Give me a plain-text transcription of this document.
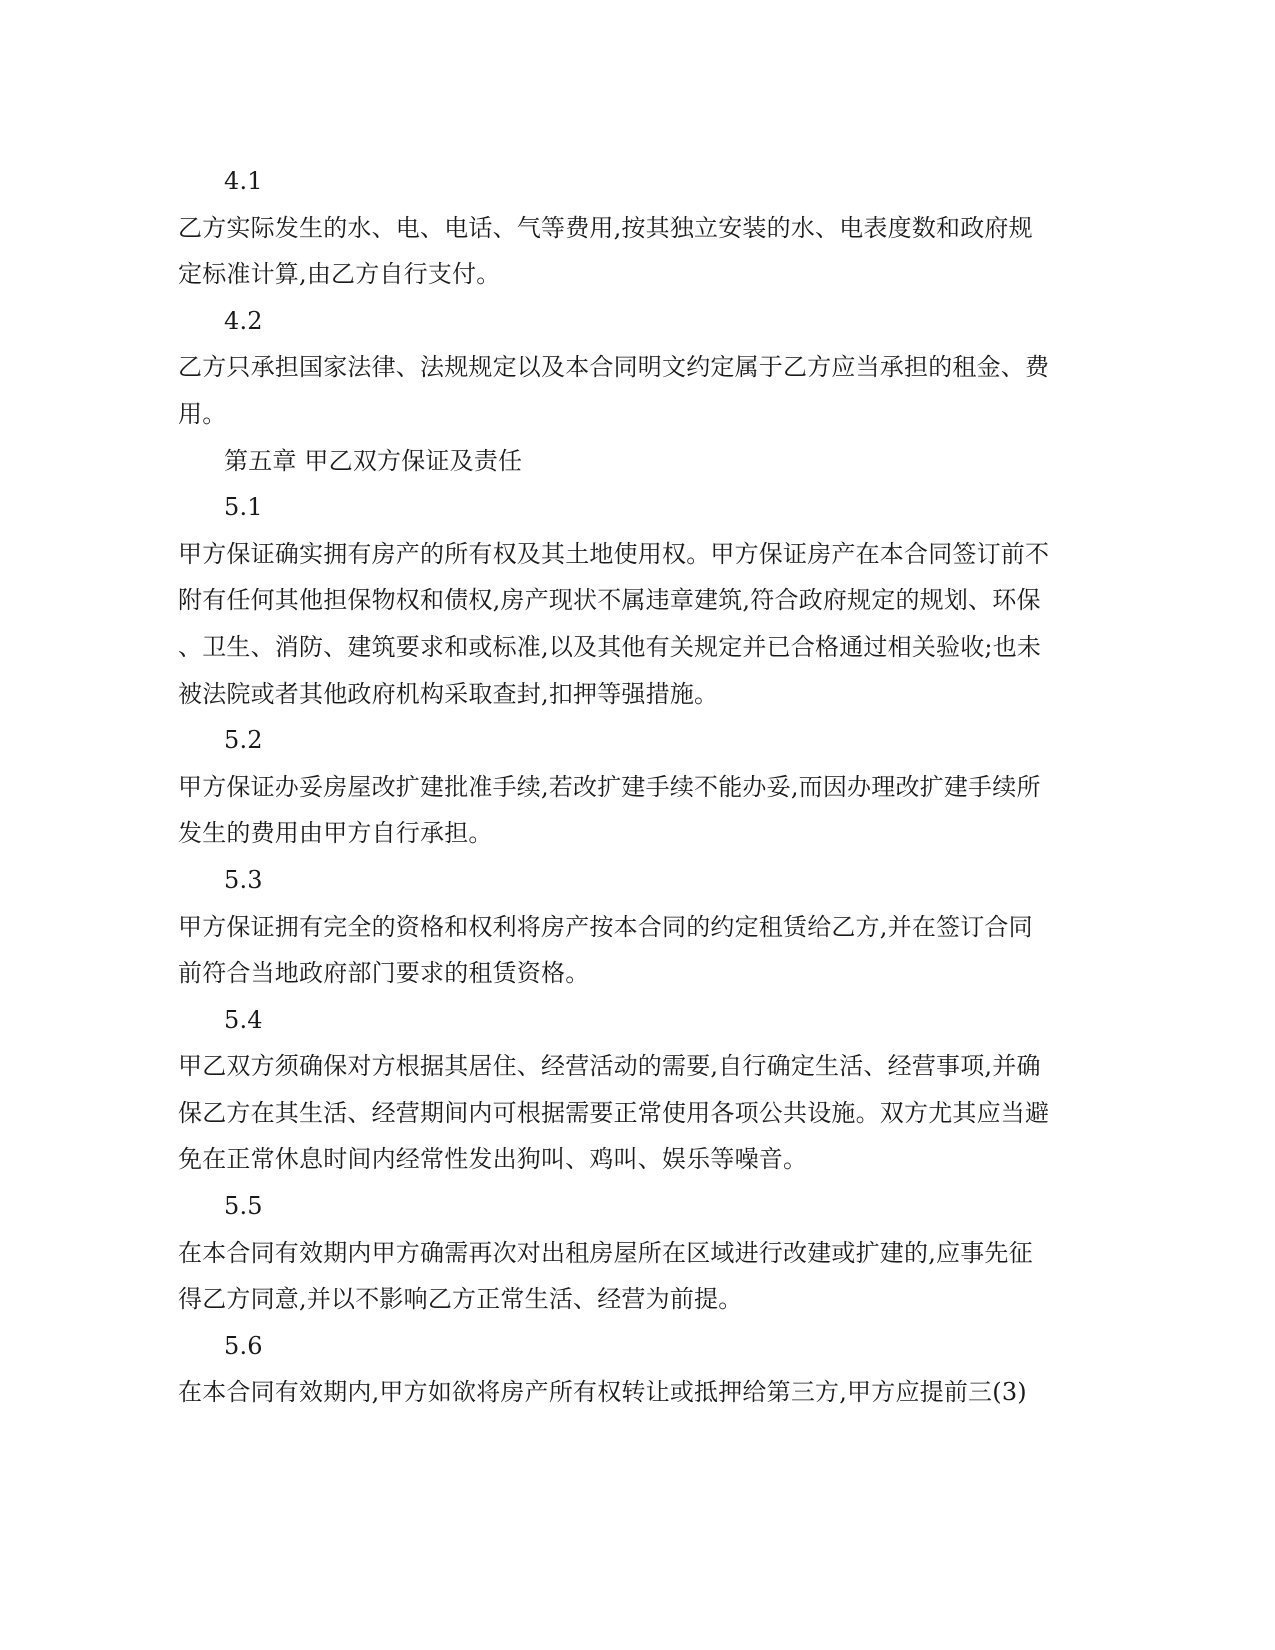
4.1
乙方实际发生的水、电、电话、气等费用,按其独立安装的水、电表度数和政府规
定标准计算,由乙方自行支付。
4.2
乙方只承担国家法律、法规规定以及本合同明文约定属于乙方应当承担的租金、费
用。
第五章 甲乙双方保证及责任
5.1
甲方保证确实拥有房产的所有权及其土地使用权。甲方保证房产在本合同签订前不
附有任何其他担保物权和债权,房产现状不属违章建筑,符合政府规定的规划、环保
、卫生、消防、建筑要求和或标准,以及其他有关规定并已合格通过相关验收;也未
被法院或者其他政府机构采取查封,扣押等强措施。
5.2
甲方保证办妥房屋改扩建批准手续,若改扩建手续不能办妥,而因办理改扩建手续所
发生的费用由甲方自行承担。
5.3
甲方保证拥有完全的资格和权利将房产按本合同的约定租赁给乙方,并在签订合同
前符合当地政府部门要求的租赁资格。
5.4
甲乙双方须确保对方根据其居住、经营活动的需要,自行确定生活、经营事项,并确
保乙方在其生活、经营期间内可根据需要正常使用各项公共设施。双方尤其应当避
免在正常休息时间内经常性发出狗叫、鸡叫、娱乐等噪音。
5.5
在本合同有效期内甲方确需再次对出租房屋所在区域进行改建或扩建的,应事先征
得乙方同意,并以不影响乙方正常生活、经营为前提。
5.6
在本合同有效期内,甲方如欲将房产所有权转让或抵押给第三方,甲方应提前三(3)
